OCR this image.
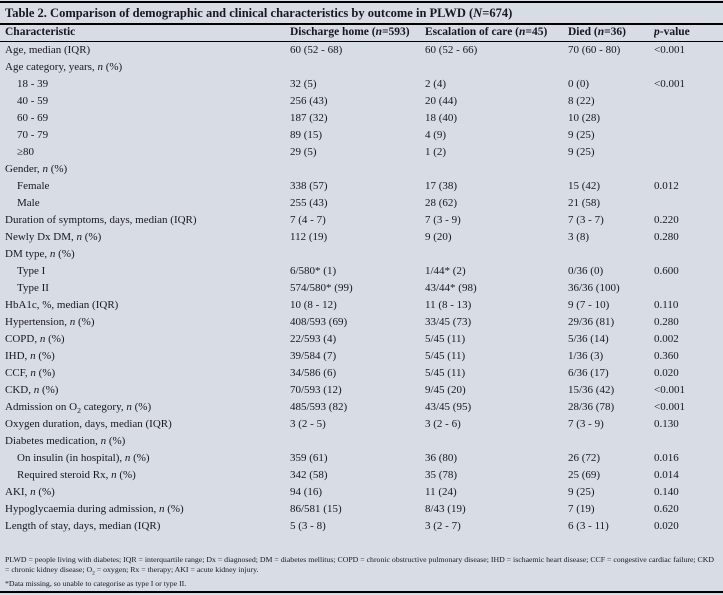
Table 2. Comparison of demographic and clinical characteristics by outcome in PLWD (N=674)
Characteristic	Discharge home (n=593)	Escalation of care (n=45)	Died (n=36)	p-value
Age, median (IQR)	60 (52 - 68)	60 (52 - 66)	70 (60 - 80)	<0.001
Age category, years, n (%)
18 - 39	32 (5)	2 (4)	0 (0)	<0.001
40 - 59	256 (43)	20 (44)	8 (22)
60 - 69	187 (32)	18 (40)	10 (28)
70 - 79	89 (15)	4 (9)	9 (25)
≥80	29 (5)	1 (2)	9 (25)
Gender, n (%)
Female	338 (57)	17 (38)	15 (42)	0.012
Male	255 (43)	28 (62)	21 (58)
Duration of symptoms, days, median (IQR)	7 (4 - 7)	7 (3 - 9)	7 (3 - 7)	0.220
Newly Dx DM, n (%)	112 (19)	9 (20)	3 (8)	0.280
DM type, n (%)
Type I	6/580* (1)	1/44* (2)	0/36 (0)	0.600
Type II	574/580* (99)	43/44* (98)	36/36 (100)
HbA1c, %, median (IQR)	10 (8 - 12)	11 (8 - 13)	9 (7 - 10)	0.110
Hypertension, n (%)	408/593 (69)	33/45 (73)	29/36 (81)	0.280
COPD, n (%)	22/593 (4)	5/45 (11)	5/36 (14)	0.002
IHD, n (%)	39/584 (7)	5/45 (11)	1/36 (3)	0.360
CCF, n (%)	34/586 (6)	5/45 (11)	6/36 (17)	0.020
CKD, n (%)	70/593 (12)	9/45 (20)	15/36 (42)	<0.001
Admission on $O_2$ category, n (%)	485/593 (82)	43/45 (95)	28/36 (78)	<0.001
Oxygen duration, days, median (IQR)	3 (2 - 5)	3 (2 - 6)	7 (3 - 9)	0.130
Diabetes medication, n (%)
On insulin (in hospital), n (%)	359 (61)	36 (80)	26 (72)	0.016
Required steroid Rx, n (%)	342 (58)	35 (78)	25 (69)	0.014
AKI, n (%)	94 (16)	11 (24)	9 (25)	0.140
Hypoglycaemia during admission, n (%)	86/581 (15)	8/43 (19)	7 (19)	0.620
Length of stay, days, median (IQR)	5 (3 - 8)	3 (2 - 7)	6 (3 - 11)	0.020
PLWD = people living with diabetes; IQR = interquartile range; Dx = diagnosed; DM = diabetes mellitus; COPD = chronic obstructive pulmonary disease; IHD = ischaemic heart disease; CCF = congestive cardiac failure; CKD = chronic kidney disease; $O_2$ = oxygen; Rx = therapy; AKI = acute kidney injury.
*Data missing, so unable to categorise as type I or type II.
